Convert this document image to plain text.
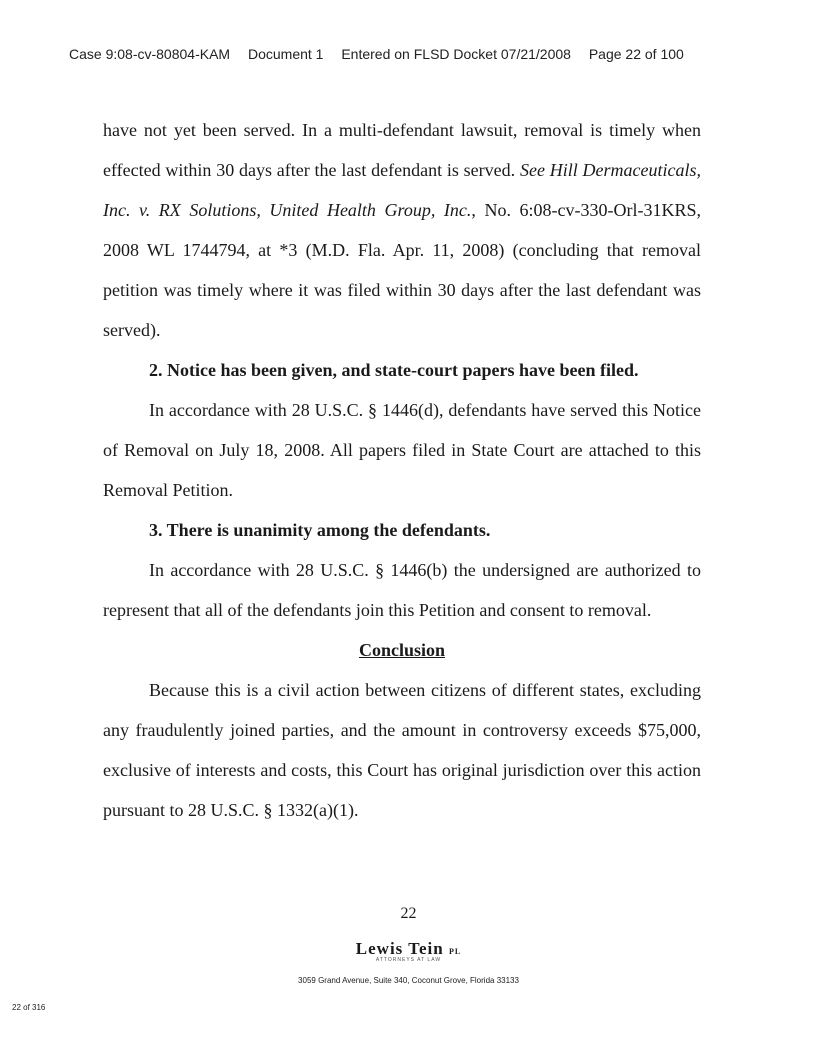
Case 9:08-cv-80804-KAM Document 1 Entered on FLSD Docket 07/21/2008 Page 22 of 100

have not yet been served. In a multi-defendant lawsuit, removal is timely when effected within 30 days after the last defendant is served. See Hill Dermaceuticals, Inc. v. RX Solutions, United Health Group, Inc., No. 6:08-cv-330-Orl-31KRS, 2008 WL 1744794, at *3 (M.D. Fla. Apr. 11, 2008) (concluding that removal petition was timely where it was filed within 30 days after the last defendant was served).

2. Notice has been given, and state-court papers have been filed.

In accordance with 28 U.S.C. § 1446(d), defendants have served this Notice of Removal on July 18, 2008. All papers filed in State Court are attached to this Removal Petition.

3. There is unanimity among the defendants.

In accordance with 28 U.S.C. § 1446(b) the undersigned are authorized to represent that all of the defendants join this Petition and consent to removal.

Conclusion

Because this is a civil action between citizens of different states, excluding any fraudulently joined parties, and the amount in controversy exceeds $75,000, exclusive of interests and costs, this Court has original jurisdiction over this action pursuant to 28 U.S.C. § 1332(a)(1).

22
Lewis Tein PL
ATTORNEYS AT LAW
3059 Grand Avenue, Suite 340, Coconut Grove, Florida 33133
22 of 316
